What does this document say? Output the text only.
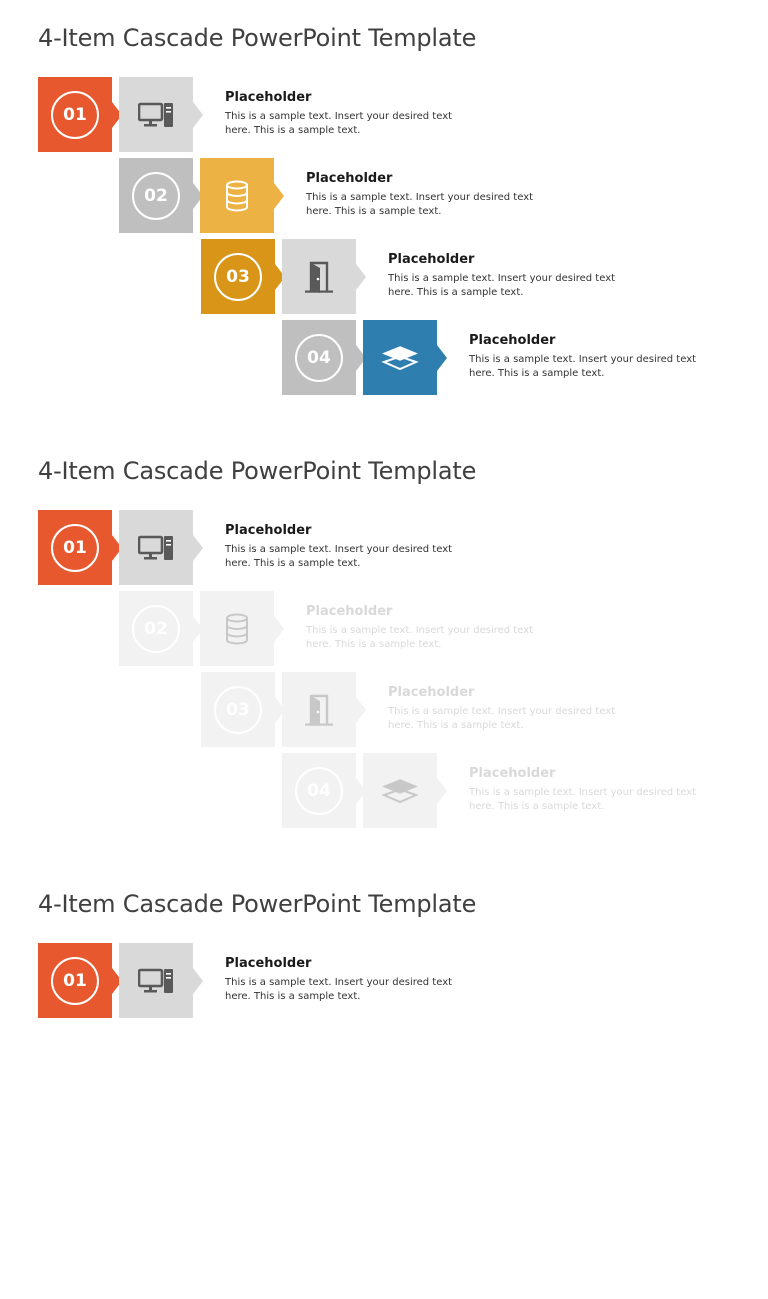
4-Item Cascade PowerPoint Template
01

Placeholder

This is a sample text. Insert your desired text here. This is a sample text.

02

Placeholder

This is a sample text. Insert your desired text here. This is a sample text.

03

Placeholder

This is a sample text. Insert your desired text here. This is a sample text.

04

Placeholder

This is a sample text. Insert your desired text here. This is a sample text.

4-Item Cascade PowerPoint Template
01

Placeholder

This is a sample text. Insert your desired text here. This is a sample text.

02

Placeholder

This is a sample text. Insert your desired text here. This is a sample text.

03

Placeholder

This is a sample text. Insert your desired text here. This is a sample text.

04

Placeholder

This is a sample text. Insert your desired text here. This is a sample text.

4-Item Cascade PowerPoint Template
01

Placeholder

This is a sample text. Insert your desired text here. This is a sample text.
